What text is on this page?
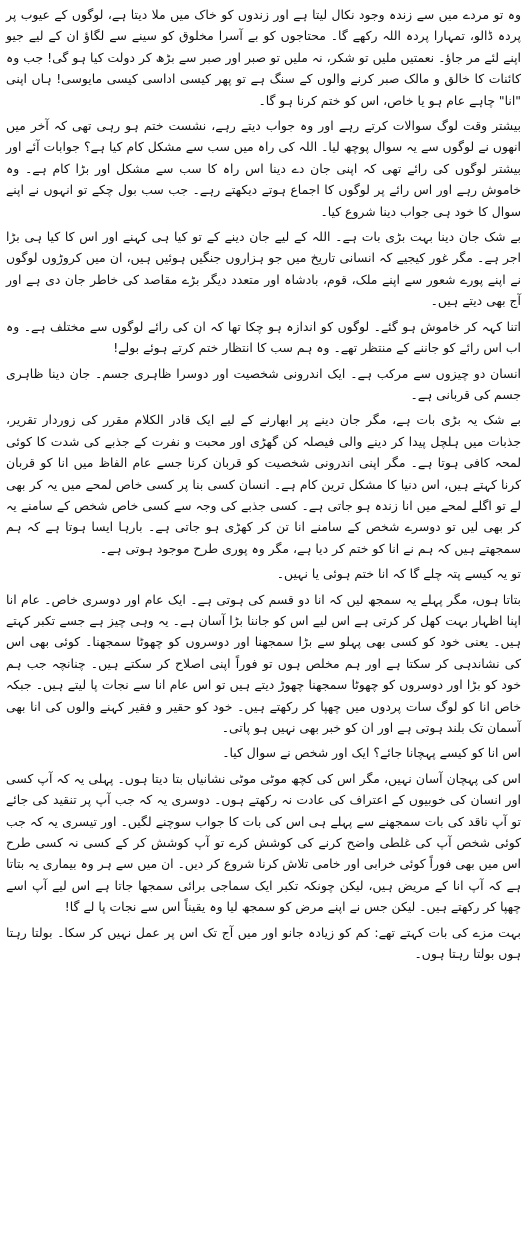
وہ تو مردے میں سے زندہ وجود نکال لیتا ہے اور زندوں کو خاک میں ملا دیتا ہے، لوگوں کے عیوب پر پردہ ڈالو، تمہارا پردہ اللہ رکھے گا۔ محتاجوں کو بے آسرا مخلوق کو سینے سے لگاؤ ان کے لیے جیو اپنے لئے مر جاؤ۔ نعمتیں ملیں تو شکر، نہ ملیں تو صبر اور صبر سے بڑھ کر دولت کیا ہو گی! جب وہ کائنات کا خالق و مالک صبر کرنے والوں کے سنگ ہے تو پھر کیسی اداسی کیسی مایوسی! ہاں اپنی "انا" چاہے عام ہو یا خاص، اس کو ختم کرنا ہو گا۔

بیشتر وقت لوگ سوالات کرتے رہے اور وہ جواب دیتے رہے، نشست ختم ہو رہی تھی کہ آخر میں انھوں نے لوگوں سے یہ سوال پوچھ لیا۔ اللہ کی راہ میں سب سے مشکل کام کیا ہے؟ جوابات آئے اور بیشتر لوگوں کی رائے تھی کہ اپنی جان دے دینا اس راہ کا سب سے مشکل اور بڑا کام ہے۔ وہ خاموش رہے اور اس رائے پر لوگوں کا اجماع ہوتے دیکھتے رہے۔ جب سب بول چکے تو انہوں نے اپنے سوال کا خود ہی جواب دینا شروع کیا۔

بے شک جان دینا بہت بڑی بات ہے۔ اللہ کے لیے جان دینے کے تو کیا ہی کہنے اور اس کا کیا ہی بڑا اجر ہے۔ مگر غور کیجیے کہ انسانی تاریخ میں جو ہزاروں جنگیں ہوئیں ہیں، ان میں کروڑوں لوگوں نے اپنے پورے شعور سے اپنے ملک، قوم، بادشاہ اور متعدد دیگر بڑے مقاصد کی خاطر جان دی ہے اور آج بھی دیتے ہیں۔

اتنا کہہ کر خاموش ہو گئے۔ لوگوں کو اندازہ ہو چکا تھا کہ ان کی رائے لوگوں سے مختلف ہے۔ وہ اب اس رائے کو جاننے کے منتظر تھے۔ وہ ہم سب کا انتظار ختم کرتے ہوئے بولے!

انسان دو چیزوں سے مرکب ہے۔ ایک اندرونی شخصیت اور دوسرا ظاہری جسم۔ جان دینا ظاہری جسم کی قربانی ہے۔

بے شک یہ بڑی بات ہے، مگر جان دینے پر ابھارنے کے لیے ایک قادر الکلام مقرر کی زوردار تقریر، جذبات میں ہلچل پیدا کر دینے والی فیصلہ کن گھڑی اور محبت و نفرت کے جذبے کی شدت کا کوئی لمحہ کافی ہوتا ہے۔ مگر اپنی اندرونی شخصیت کو قربان کرنا جسے عام الفاظ میں انا کو قربان کرنا کہتے ہیں، اس دنیا کا مشکل ترین کام ہے۔ انسان کسی بنا پر کسی خاص لمحے میں یہ کر بھی لے تو اگلے لمحے میں انا زندہ ہو جاتی ہے۔ کسی جذبے کی وجہ سے کسی خاص شخص کے سامنے یہ کر بھی لیں تو دوسرے شخص کے سامنے انا تن کر کھڑی ہو جاتی ہے۔ بارہا ایسا ہوتا ہے کہ ہم سمجھتے ہیں کہ ہم نے انا کو ختم کر دیا ہے، مگر وہ پوری طرح موجود ہوتی ہے۔

تو یہ کیسے پتہ چلے گا کہ انا ختم ہوئی یا نہیں۔

بتاتا ہوں، مگر پہلے یہ سمجھ لیں کہ انا دو قسم کی ہوتی ہے۔ ایک عام اور دوسری خاص۔ عام انا اپنا اظہار بہت کھل کر کرتی ہے اس لیے اس کو جاننا بڑا آسان ہے۔ یہ وہی چیز ہے جسے تکبر کہتے ہیں۔ یعنی خود کو کسی بھی پہلو سے بڑا سمجھنا اور دوسروں کو چھوٹا سمجھنا۔ کوئی بھی اس کی نشاندہی کر سکتا ہے اور ہم مخلص ہوں تو فوراً اپنی اصلاح کر سکتے ہیں۔ چنانچہ جب ہم خود کو بڑا اور دوسروں کو چھوٹا سمجھنا چھوڑ دیتے ہیں تو اس عام انا سے نجات پا لیتے ہیں۔ جبکہ خاص انا کو لوگ سات پردوں میں چھپا کر رکھتے ہیں۔ خود کو حقیر و فقیر کہنے والوں کی انا بھی آسمان تک بلند ہوتی ہے اور ان کو خبر بھی نہیں ہو پاتی۔

اس انا کو کیسے پہچانا جائے؟ ایک اور شخص نے سوال کیا۔

اس کی پہچان آسان نہیں، مگر اس کی کچھ موٹی موٹی نشانیاں بتا دیتا ہوں۔ پہلی یہ کہ آپ کسی اور انسان کی خوبیوں کے اعتراف کی عادت نہ رکھتے ہوں۔ دوسری یہ کہ جب آپ پر تنقید کی جائے تو آپ ناقد کی بات سمجھنے سے پہلے ہی اس کی بات کا جواب سوچنے لگیں۔ اور تیسری یہ کہ جب کوئی شخص آپ کی غلطی واضح کرنے کی کوشش کرے تو آپ کوشش کر کے کسی نہ کسی طرح اس میں بھی فوراً کوئی خرابی اور خامی تلاش کرنا شروع کر دیں۔ ان میں سے ہر وہ بیماری یہ بتاتا ہے کہ آپ انا کے مریض ہیں، لیکن چونکہ تکبر ایک سماجی برائی سمجھا جاتا ہے اس لیے آپ اسے چھپا کر رکھتے ہیں۔ لیکن جس نے اپنے مرض کو سمجھ لیا وہ یقیناً اس سے نجات پا لے گا!

بہت مزے کی بات کہتے تھے: کم کو زیادہ جانو اور میں آج تک اس پر عمل نہیں کر سکا۔ بولتا رہتا ہوں بولتا رہتا ہوں۔
